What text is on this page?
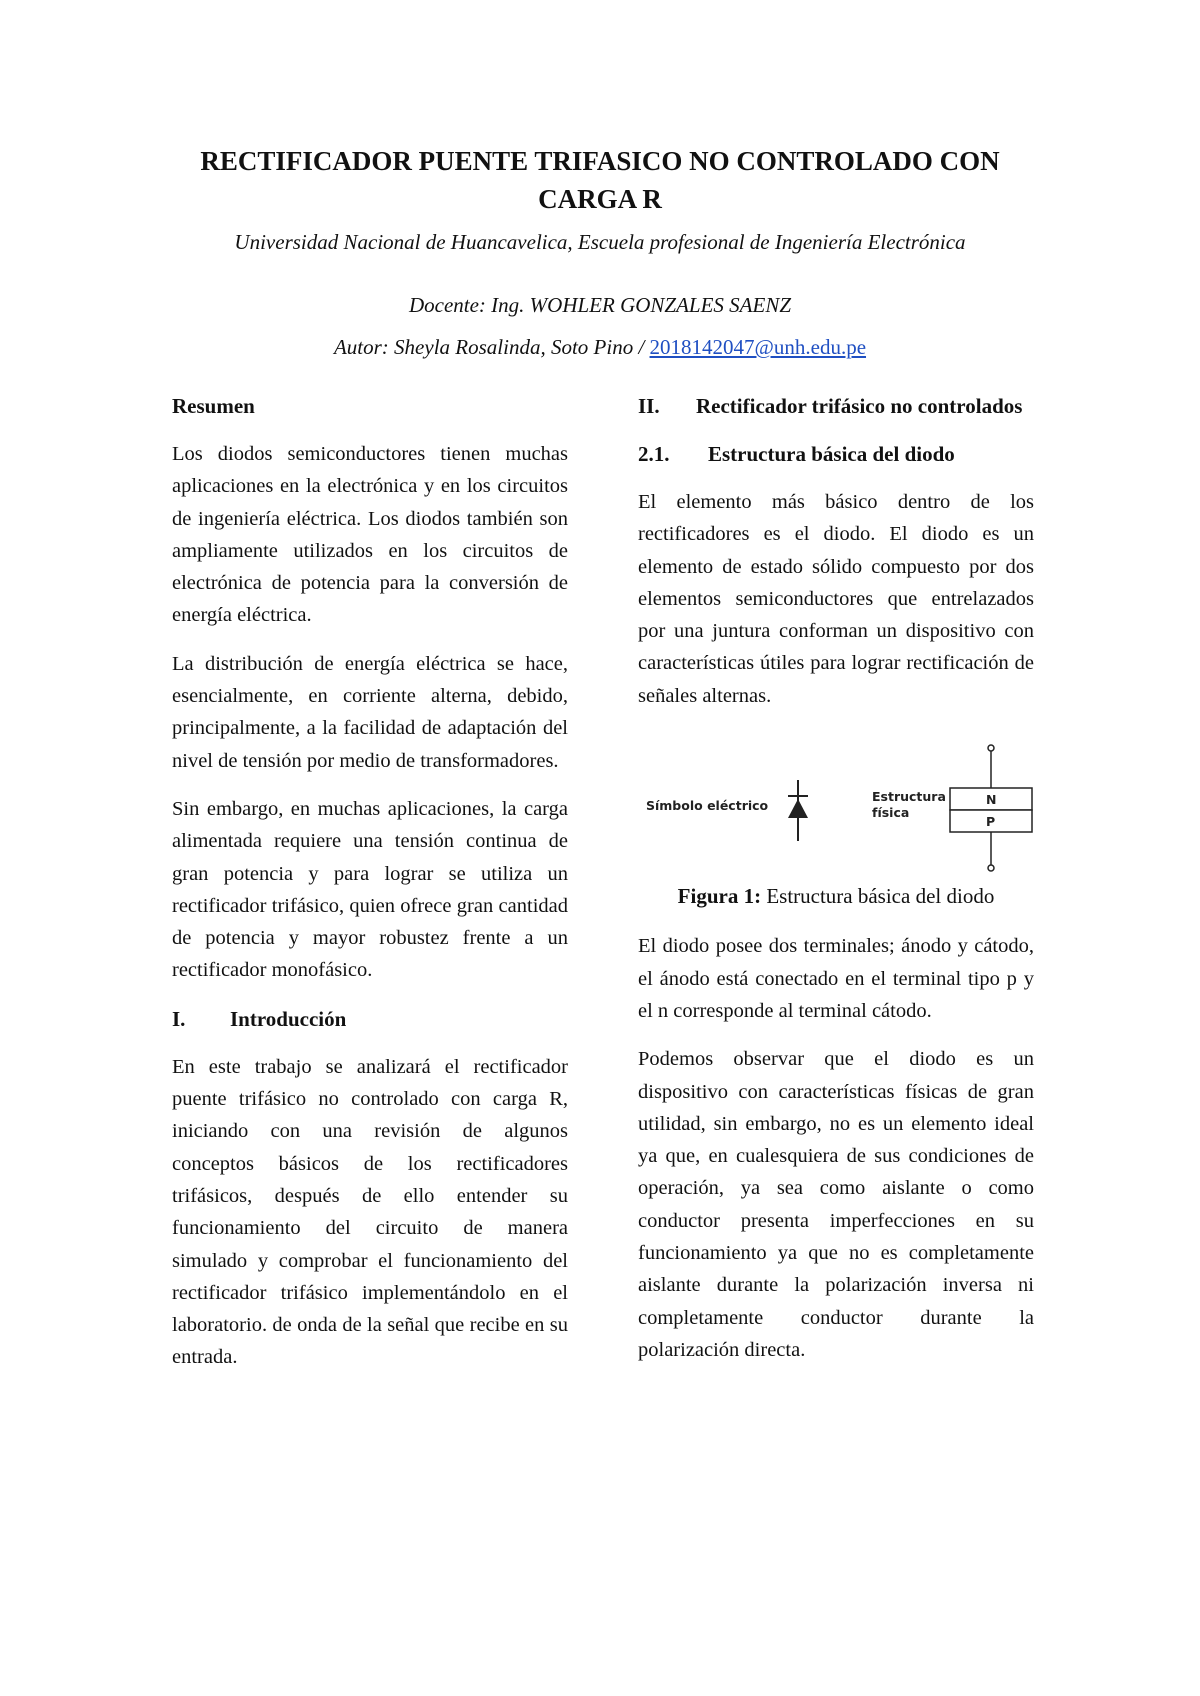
RECTIFICADOR PUENTE TRIFASICO NO CONTROLADO CON
CARGA R

Universidad Nacional de Huancavelica, Escuela profesional de Ingeniería Electrónica

Docente: Ing. WOHLER GONZALES SAENZ

Autor: Sheyla Rosalinda, Soto Pino / 2018142047@unh.edu.pe

Resumen

Los diodos semiconductores tienen muchas aplicaciones en la electrónica y en los circuitos de ingeniería eléctrica. Los diodos también son ampliamente utilizados en los circuitos de electrónica de potencia para la conversión de energía eléctrica.

La distribución de energía eléctrica se hace, esencialmente, en corriente alterna, debido, principalmente, a la facilidad de adaptación del nivel de tensión por medio de transformadores.

Sin embargo, en muchas aplicaciones, la carga alimentada requiere una tensión continua de gran potencia y para lograr se utiliza un rectificador trifásico, quien ofrece gran cantidad de potencia y mayor robustez frente a un rectificador monofásico.

I.	Introducción

En este trabajo se analizará el rectificador puente trifásico no controlado con carga R, iniciando con una revisión de algunos conceptos básicos de los rectificadores trifásicos, después de ello entender su funcionamiento del circuito de manera simulado y comprobar el funcionamiento del rectificador trifásico implementándolo en el laboratorio. de onda de la señal que recibe en su entrada.

II.	Rectificador trifásico no controlados
2.1.	Estructura básica del diodo

El elemento más básico dentro de los rectificadores es el diodo. El diodo es un elemento de estado sólido compuesto por dos elementos semiconductores que entrelazados por una juntura conforman un dispositivo con características útiles para lograr rectificación de señales alternas.

Símbolo eléctrico
Estructura
física
N
P

Figura 1: Estructura básica del diodo

El diodo posee dos terminales; ánodo y cátodo, el ánodo está conectado en el terminal tipo p y el n corresponde al terminal cátodo.

Podemos observar que el diodo es un dispositivo con características físicas de gran utilidad, sin embargo, no es un elemento ideal ya que, en cualesquiera de sus condiciones de operación, ya sea como aislante o como conductor presenta imperfecciones en su funcionamiento ya que no es completamente aislante durante la polarización inversa ni completamente conductor durante la polarización directa.
